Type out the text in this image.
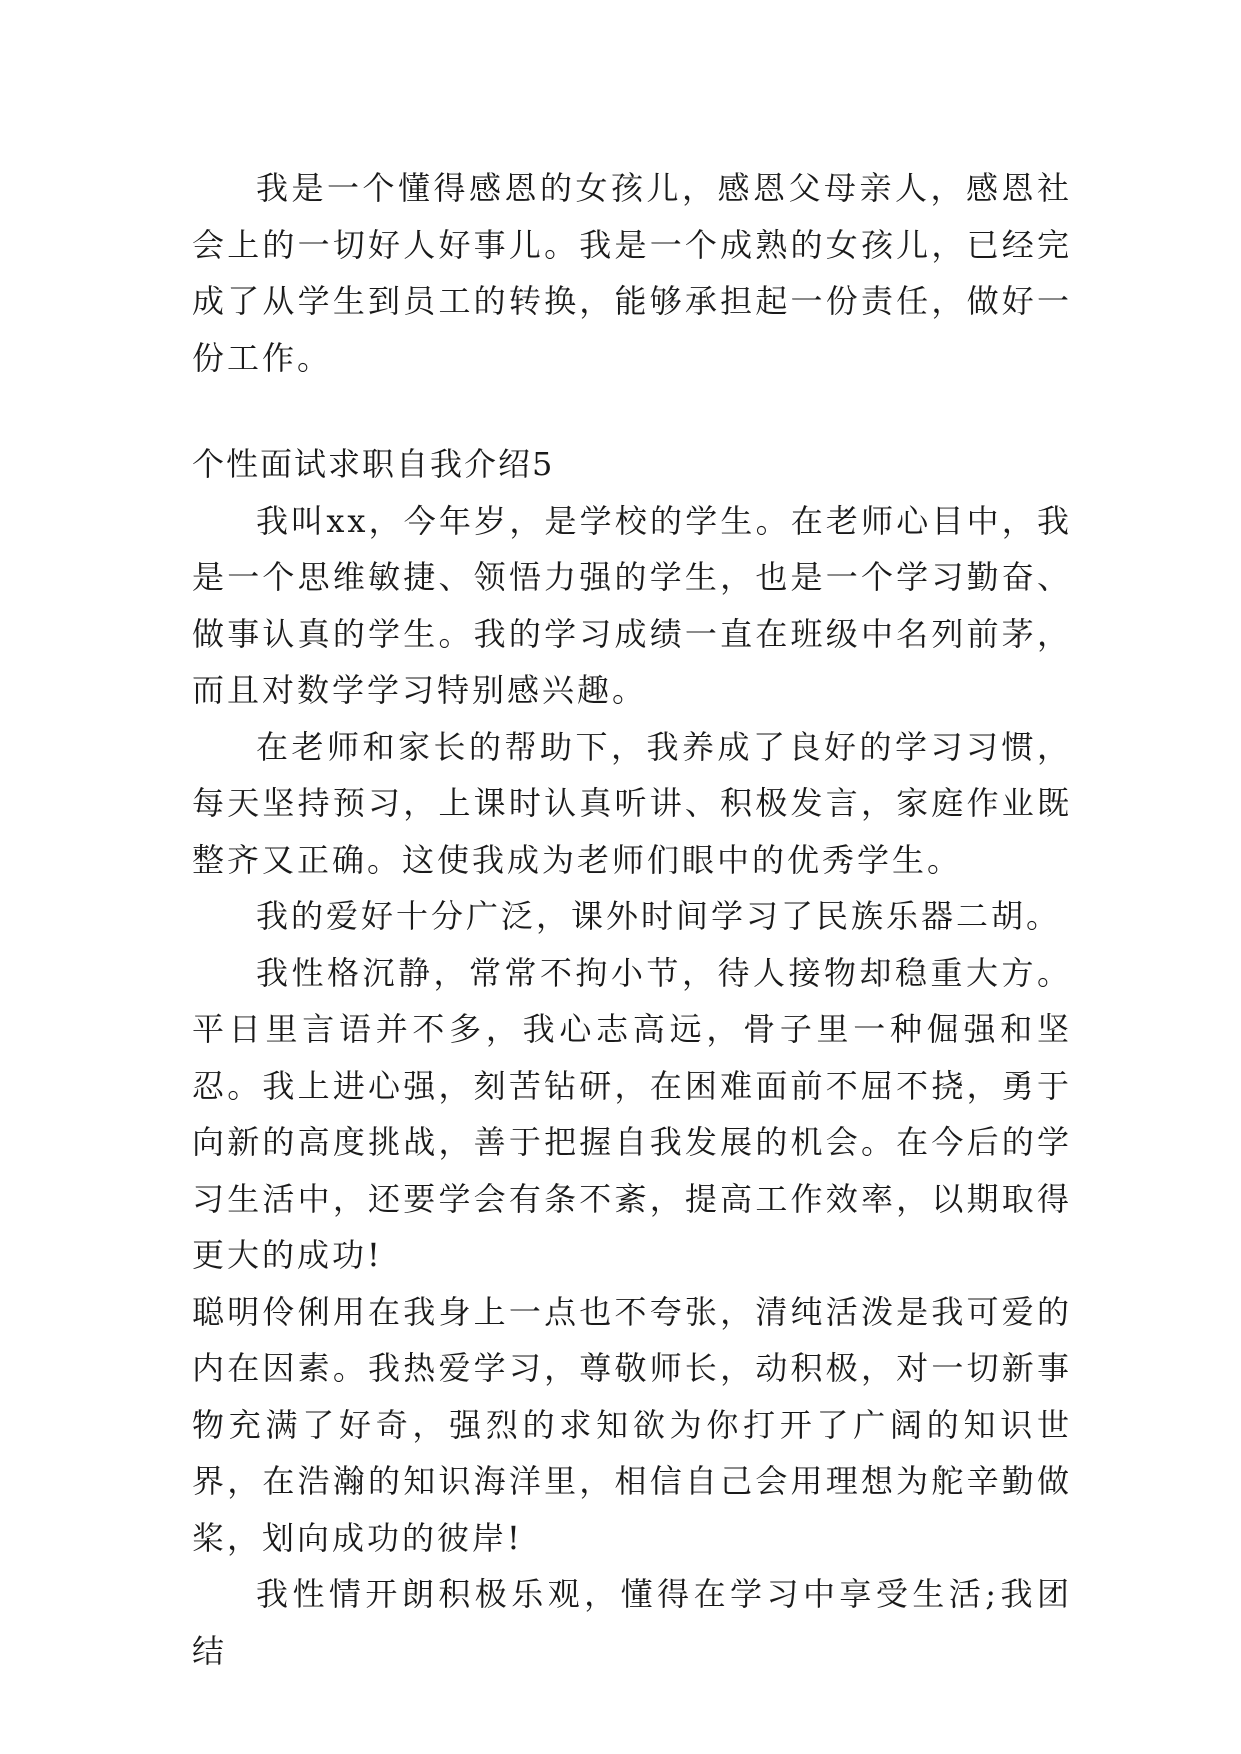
我是一个懂得感恩的女孩儿，感恩父母亲人，感恩社会上的一切好人好事儿。我是一个成熟的女孩儿，已经完成了从学生到员工的转换，能够承担起一份责任，做好一份工作。

个性面试求职自我介绍5

我叫xx，今年岁，是学校的学生。在老师心目中，我是一个思维敏捷、领悟力强的学生，也是一个学习勤奋、做事认真的学生。我的学习成绩一直在班级中名列前茅，而且对数学学习特别感兴趣。

在老师和家长的帮助下，我养成了良好的学习习惯，每天坚持预习，上课时认真听讲、积极发言，家庭作业既整齐又正确。这使我成为老师们眼中的优秀学生。

我的爱好十分广泛，课外时间学习了民族乐器二胡。

我性格沉静，常常不拘小节，待人接物却稳重大方。平日里言语并不多，我心志高远，骨子里一种倔强和坚忍。我上进心强，刻苦钻研，在困难面前不屈不挠，勇于向新的高度挑战，善于把握自我发展的机会。在今后的学习生活中，还要学会有条不紊，提高工作效率，以期取得更大的成功!

聪明伶俐用在我身上一点也不夸张，清纯活泼是我可爱的内在因素。我热爱学习，尊敬师长，动积极，对一切新事物充满了好奇，强烈的求知欲为你打开了广阔的知识世界，在浩瀚的知识海洋里，相信自己会用理想为舵辛勤做桨，划向成功的彼岸!

我性情开朗积极乐观，懂得在学习中享受生活;我团结
